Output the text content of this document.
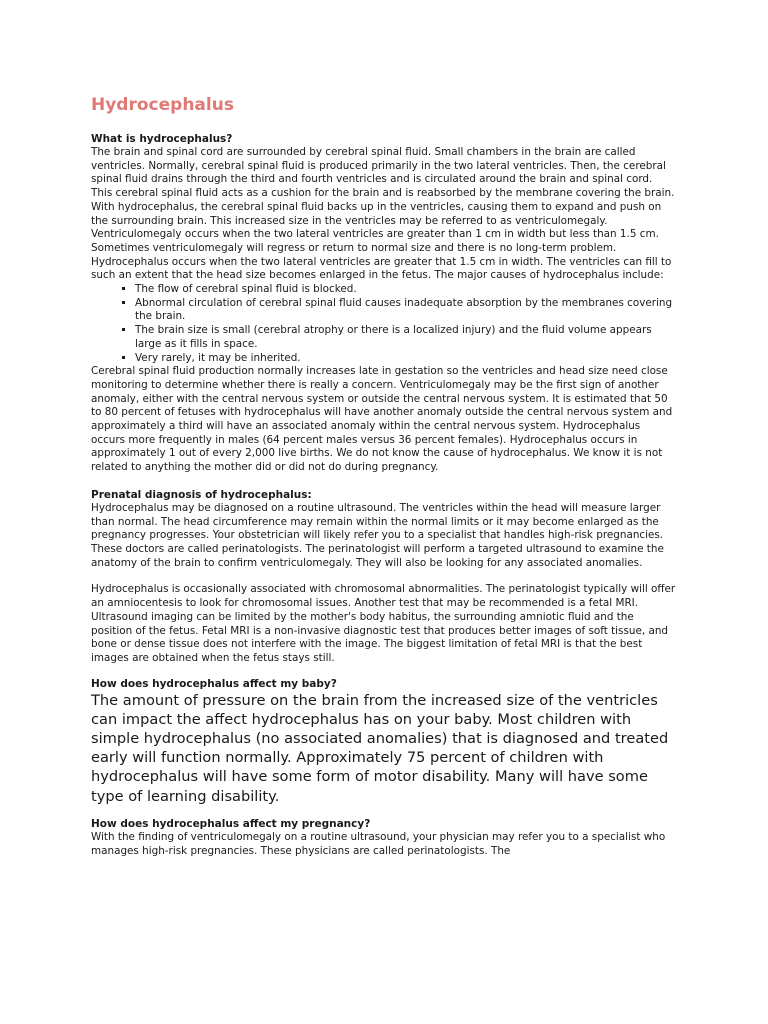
Hydrocephalus
What is hydrocephalus?

The brain and spinal cord are surrounded by cerebral spinal fluid. Small chambers in the brain are called ventricles. Normally, cerebral spinal fluid is produced primarily in the two lateral ventricles. Then, the cerebral spinal fluid drains through the third and fourth ventricles and is circulated around the brain and spinal cord. This cerebral spinal fluid acts as a cushion for the brain and is reabsorbed by the membrane covering the brain. With hydrocephalus, the cerebral spinal fluid backs up in the ventricles, causing them to expand and push on the surrounding brain. This increased size in the ventricles may be referred to as ventriculomegaly. Ventriculomegaly occurs when the two lateral ventricles are greater than 1 cm in width but less than 1.5 cm. Sometimes ventriculomegaly will regress or return to normal size and there is no long-term problem. Hydrocephalus occurs when the two lateral ventricles are greater that 1.5 cm in width. The ventricles can fill to such an extent that the head size becomes enlarged in the fetus. The major causes of hydrocephalus include:

▪ The flow of cerebral spinal fluid is blocked.
▪ Abnormal circulation of cerebral spinal fluid causes inadequate absorption by the membranes covering the brain.
▪ The brain size is small (cerebral atrophy or there is a localized injury) and the fluid volume appears large as it fills in space.
▪ Very rarely, it may be inherited.

Cerebral spinal fluid production normally increases late in gestation so the ventricles and head size need close monitoring to determine whether there is really a concern. Ventriculomegaly may be the first sign of another anomaly, either with the central nervous system or outside the central nervous system. It is estimated that 50 to 80 percent of fetuses with hydrocephalus will have another anomaly outside the central nervous system and approximately a third will have an associated anomaly within the central nervous system. Hydrocephalus occurs more frequently in males (64 percent males versus 36 percent females). Hydrocephalus occurs in approximately 1 out of every 2,000 live births. We do not know the cause of hydrocephalus. We know it is not related to anything the mother did or did not do during pregnancy.

Prenatal diagnosis of hydrocephalus:

Hydrocephalus may be diagnosed on a routine ultrasound. The ventricles within the head will measure larger than normal. The head circumference may remain within the normal limits or it may become enlarged as the pregnancy progresses. Your obstetrician will likely refer you to a specialist that handles high-risk pregnancies. These doctors are called perinatologists. The perinatologist will perform a targeted ultrasound to examine the anatomy of the brain to confirm ventriculomegaly. They will also be looking for any associated anomalies.

Hydrocephalus is occasionally associated with chromosomal abnormalities. The perinatologist typically will offer an amniocentesis to look for chromosomal issues. Another test that may be recommended is a fetal MRI. Ultrasound imaging can be limited by the mother's body habitus, the surrounding amniotic fluid and the position of the fetus. Fetal MRI is a non-invasive diagnostic test that produces better images of soft tissue, and bone or dense tissue does not interfere with the image. The biggest limitation of fetal MRI is that the best images are obtained when the fetus stays still.

How does hydrocephalus affect my baby?

The amount of pressure on the brain from the increased size of the ventricles can impact the affect hydrocephalus has on your baby. Most children with simple hydrocephalus (no associated anomalies) that is diagnosed and treated early will function normally. Approximately 75 percent of children with hydrocephalus will have some form of motor disability. Many will have some type of learning disability.

How does hydrocephalus affect my pregnancy?

With the finding of ventriculomegaly on a routine ultrasound, your physician may refer you to a specialist who manages high-risk pregnancies. These physicians are called perinatologists. The
